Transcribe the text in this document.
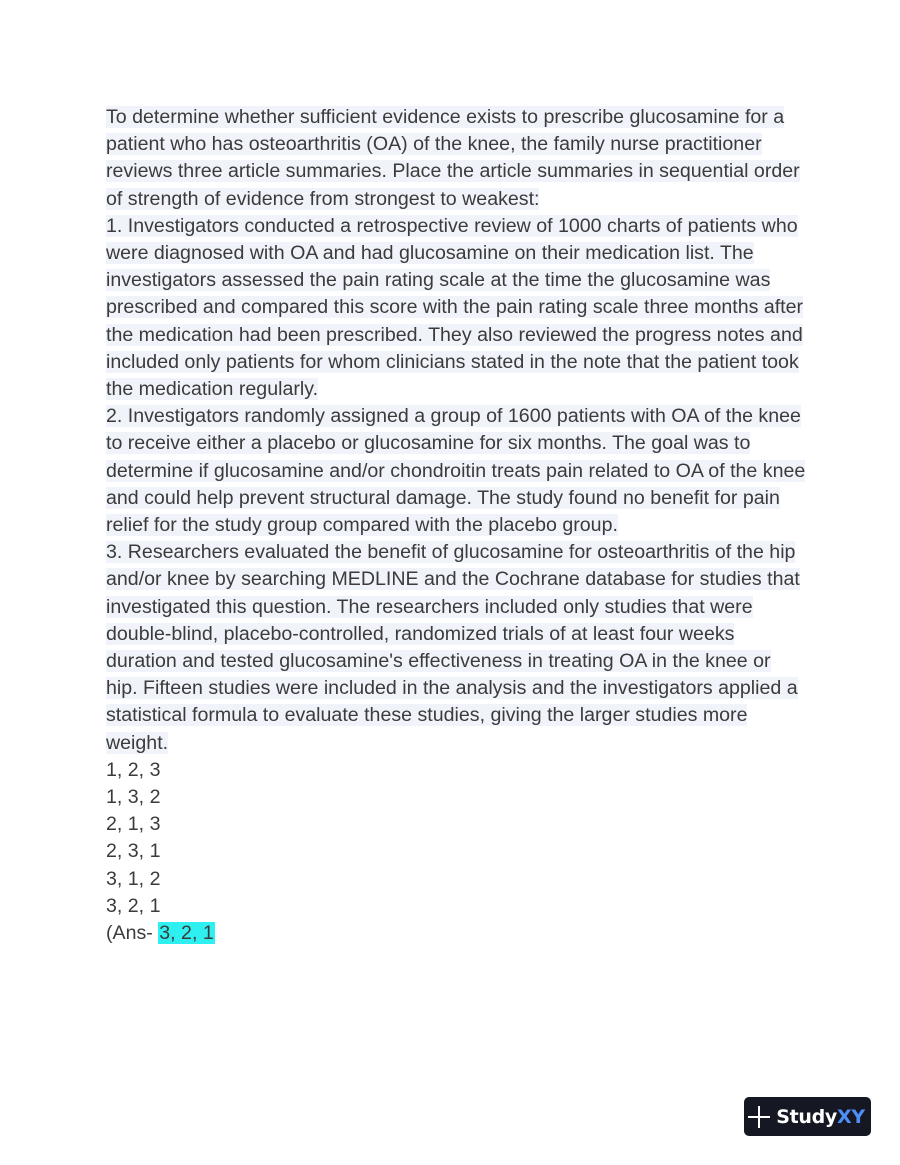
To determine whether sufficient evidence exists to prescribe glucosamine for a patient who has osteoarthritis (OA) of the knee, the family nurse practitioner reviews three article summaries. Place the article summaries in sequential order of strength of evidence from strongest to weakest:

1. Investigators conducted a retrospective review of 1000 charts of patients who were diagnosed with OA and had glucosamine on their medication list. The investigators assessed the pain rating scale at the time the glucosamine was prescribed and compared this score with the pain rating scale three months after the medication had been prescribed. They also reviewed the progress notes and included only patients for whom clinicians stated in the note that the patient took the medication regularly.

2. Investigators randomly assigned a group of 1600 patients with OA of the knee to receive either a placebo or glucosamine for six months. The goal was to determine if glucosamine and/or chondroitin treats pain related to OA of the knee and could help prevent structural damage. The study found no benefit for pain relief for the study group compared with the placebo group.

3. Researchers evaluated the benefit of glucosamine for osteoarthritis of the hip and/or knee by searching MEDLINE and the Cochrane database for studies that investigated this question. The researchers included only studies that were double-blind, placebo-controlled, randomized trials of at least four weeks duration and tested glucosamine's effectiveness in treating OA in the knee or hip. Fifteen studies were included in the analysis and the investigators applied a statistical formula to evaluate these studies, giving the larger studies more weight.

1, 2, 3

1, 3, 2

2, 1, 3

2, 3, 1

3, 1, 2

3, 2, 1

(Ans- 3, 2, 1

StudyXY
